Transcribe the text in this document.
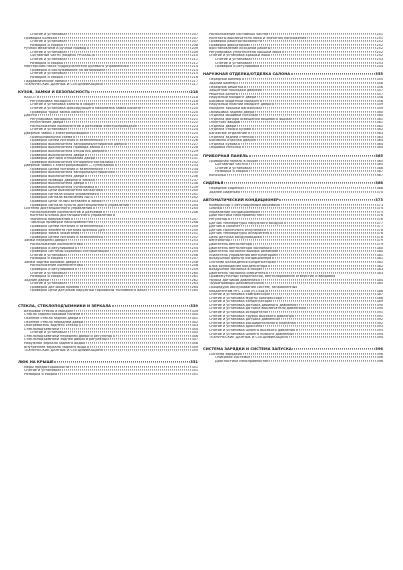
Снятие и установка	207
Проводка колеса	207
Снятие и установка	207
Разборка и сборка	208
Ручной механизм и ручной привод	209
Снятие и установка	209
Составные части (модель PROARD)	210
Снятие и установка	211
Разборка и сборка	212
Мастерский насос гидроусилителя рулевого управления	214
Проверка и обслуживание на автомобиле	214
Снятие и установка	215
Разборка и сборка	216
Гидравлические линии	217
ТЕХНИЧЕСКИЕ ДАННЫЕ И СПЕЦИФИКАЦИИ	217
КУЗОВ, ЗАМКИ И БЕЗОПАСНОСТЬ	218
КАПОТ	218
Регулировка посадки	218
Снятие и установка капота в сборе	219
Снятие и установка фиксирующего механизма замка капота	220
Проверка троса замка капота	220
ДВЕРИ	221
Регулировка посадки	221
Уплотнение двери	222
Расположение компонентов и разъемов электропроводки	223
Снятие и установка	224
Дверные замки с электроприводом	225
Принципиальная схема	225
Проверка цепей питания и заземления	226
Проверка выключателя запирания/отпирания двери	227
Проверка выключателя привода замка	228
Проверка выключателя открытия дверей	229
Проверка выключателя двери	230
Проверка датчика отпирания двери	231
Проверка выключателя отпирания багажника	232
Дверные замки с электроприводом — суперзамок	233
Проверка цепей питания и заземления	234
Проверка выключателя запирания/отпирания	235
Проверка выключателя двери	236
Проверка привода дверного замка	237
Проверка выключателя двери	238
Проверка выключателя суперзамка	239
Проверка цепи выключателя багажника	240
Проверка сигнала блока управления	241
Проверка сигнала включения NATS	242
Проверка цепи «Ключ вставлен в замок»	243
Проверка сигнала пульта дистанционного управления	244
Система дистанционного управления	245
Расположение компонентов и разъемов	246
Контакты блока дистанционного управления и
значения напряжения	247
Таблица проверки неисправностей	248
Проверка цепей питания и заземления	249
Проверка элемента питания брелока ДУ	250
Проверка замка зажигания	251
Проверка цепей питания и заземления	252
Замки передней двери	253
Расположение компонентов	253
Проверка и регулировка	254
Проверка системы охранной сигнализации	255
Снятие и установка	256
Разборка и сборка	257
Замки задней боковой двери	258
Расположение компонентов	258
Проверка и регулировка	259
Снятие и установка	260
Разборка и сборка	261
Задние двери	262
Снятие и установка	263
Проверка датчиков проема	264
Проверка цепи датчиков наружной горловины топливного бака	265
СТЕКЛА, СТЕКЛОПОДЪЕМНИКИ И ЗЕРКАЛА	339
Ветровое стекло и молдинг	339
Стекло задней боковой панели	340
Оконное стекло задней двери	341
Оконное стекло передней двери	342
Обогреватель заднего стекла	343
Стеклоподъемники	344
Снятие и установка	345
Стеклоподъемники передней двери и регулятор	346
Стеклоподъемники задней двери и регулятор	347
Наружное зеркало заднего вида	348
Внутреннее зеркало заднего вида	349
ТЕХНИЧЕСКИЕ ДАННЫЕ И СПЕЦИФИКАЦИИ	350
ЛЮК НА КРЫШЕ	351
Меры предосторожности	351
Снятие и установка	351
Разборка и сборка	351
Расположение составных частей	251
Контакты выключателя люка и значения напряжения	251
Проверка работоспособности	252
Проверка фиксаторов	252
Восстановление исходной работы	252
Регулировка уплотнителя крышки люка	252
Снятие и установка крышки люка	252
Снятие и установка	253
Снятие и установка	253
Проверка и регулировка	254
НАРУЖНАЯ ОТДЕЛКА/ОТДЕЛКА САЛОНА	355
Передний бампер	355
Задний бампер	356
Передние решетка	356
Защитные накладки дверей	357
Решетка капота	357
Наружный молдинг двери	358
Боковой защитный молдинг	358
Наружный нижний молдинг двери	359
Молдинг крышки багажника	359
Облицовка задней двери	360
Отделка обшивки потолка	360
Отделка фонаря освещения вещевого ящика	361
Оплётчик вводов	361
Отделка двери	362
Отделка стойки кузова	362
Багажное отделение	363
Отделка задней стенки	363
Боковина отделка двери	364
Отделка кузова	364
Обшивка потолка	364
ПРИБОРНАЯ ПАНЕЛЬ	365
Приборная панель в сборе	365
Составные части	365
Снятие и установка	366
Разборка и сборка	367
Консоль	367
СИДЕНЬЯ	368
Передние сиденья	368
Заднее сиденье	370
АВТОМАТИЧЕСКИЙ КОНДИЦИОНЕР	373
Компрессор с регулируемым объемом	373
Смазка	374
Управление кондиционером	375
Диагностика неисправностей	376
Регулятор	376
Датчик температуры наружного воздуха	377
Датчик в салоне	377
Датчик солнечного излучения	378
Датчик температуры испарителя	378
Цепь датчика воздуховодов	378
Вентилятор	379
Двигатель вентилятора	379
Двигатель вентилятора заслонки	380
Двигатель заслонки выбора режимов	380
Усилитель управления вентилятором	381
Воздушный фильтр кондиционера	381
Система охлаждения конденсатора	382
Блок охлаждения конденсатора	382
Воздушная заслонка в сборе	383
Двигатель заслонки смесителя	383
Промежуточный конденсатор, вентилирование отверстие и вводовая
трубка датчиков давления	384
Трубопроводы декомпрессии	385
Процедура обслуживания систем, заправленных
хладагентом HFC 134a (R-134a)	386
Снятие и установка компрессора	387
Снятие и установка муфты компрессора	388
Снятие и установка конденсатора	389
Снятие и установка датчика двойного давления	390
Снятие и установка датчика выключателя давления	390
Снятие и установка испарителя	391
Снятие и установка трубок высокого давления	391
Снятие и установка датчика давления	392
Снятие и установка расширительного клапана	392
Снятие и установка дросселя	393
Снятие и установка шланга высокого давления	393
Снятие и установка шланга низкого давления	394
ТЕХНИЧЕСКИЕ ДАННЫЕ И СПЕЦИФИКАЦИИ	394
СИСТЕМА ЗАРЯДКИ И СИСТЕМА ЗАПУСКА	396
Система зарядки	396
Описание системы	396
Диагностика неисправностей	396
